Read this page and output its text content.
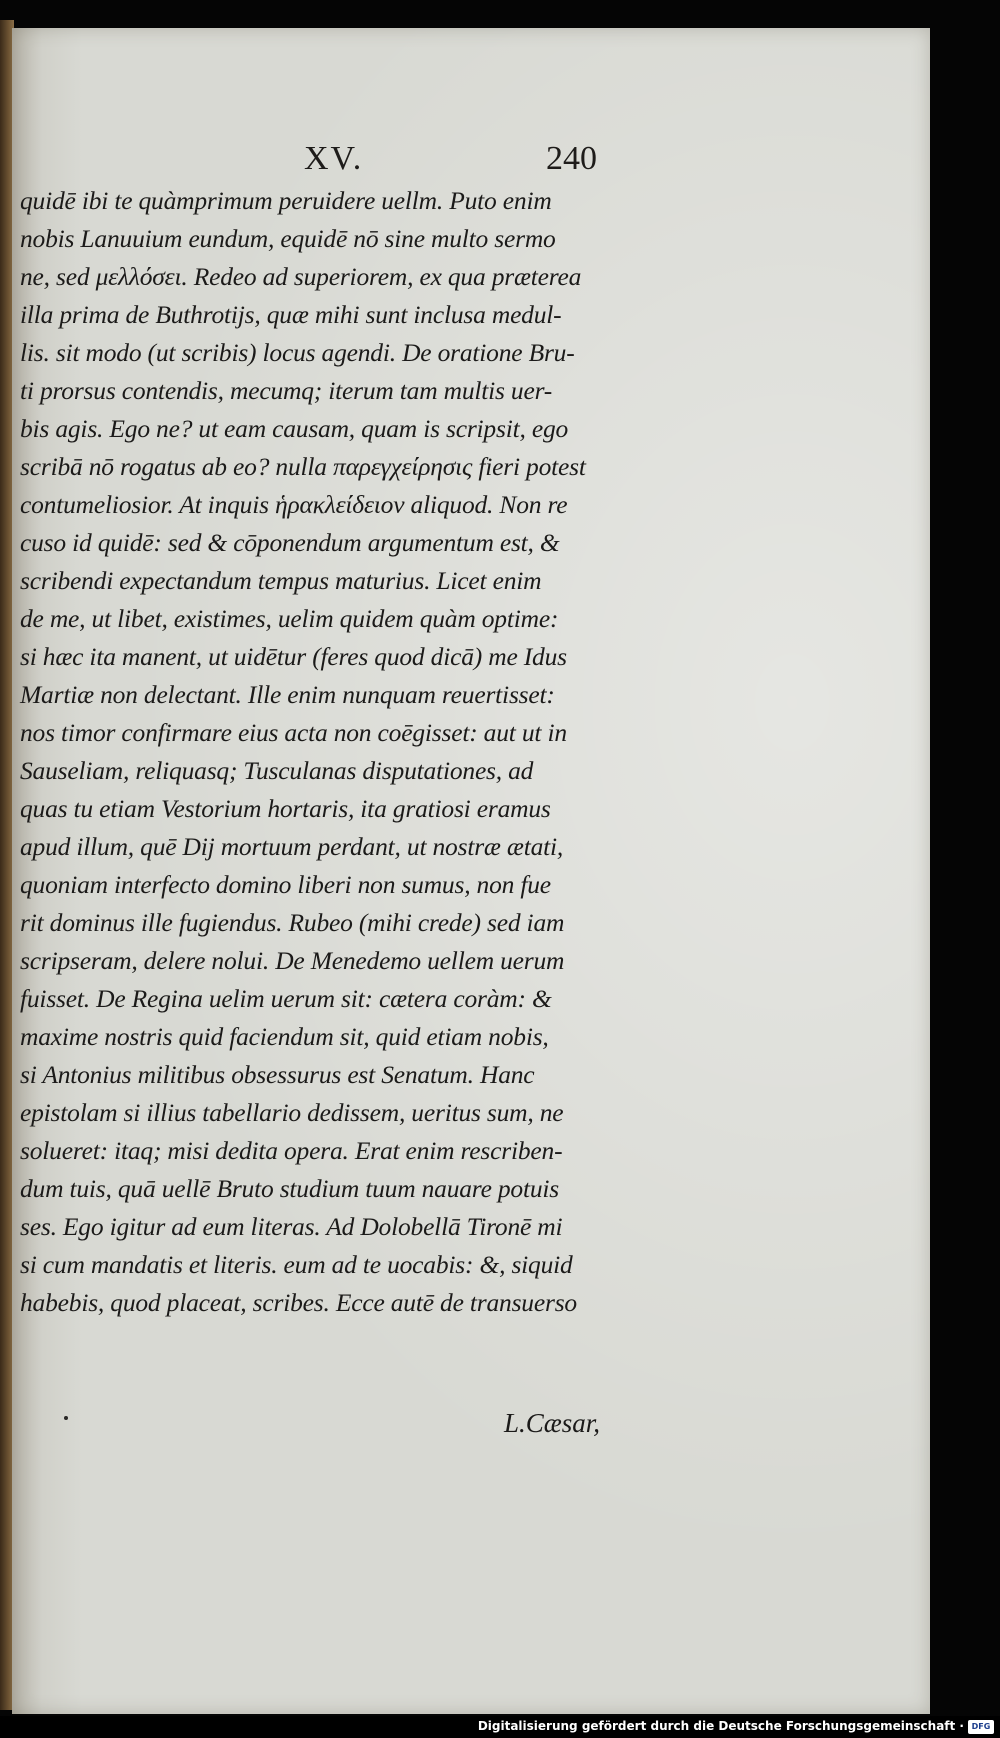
XV.	240
quidē ibi te quàmprimum peruidere uellm. Puto enim
nobis Lanuuium eundum, equidē nō sine multo sermo
ne, sed μελλόσει. Redeo ad superiorem, ex qua præterea
illa prima de Buthrotijs, quæ mihi sunt inclusa medul-
lis. sit modo (ut scribis) locus agendi. De oratione Bru-
ti prorsus contendis, mecumq; iterum tam multis uer-
bis agis. Ego ne? ut eam causam, quam is scripsit, ego
scribā nō rogatus ab eo? nulla παρεγχείρησις fieri potest
contumeliosior. At inquis ἡρακλείδειον aliquod. Non re
cuso id quidē: sed & cōponendum argumentum est, &
scribendi expectandum tempus maturius. Licet enim
de me, ut libet, existimes, uelim quidem quàm optime:
si hæc ita manent, ut uidētur (feres quod dicā) me Idus
Martiæ non delectant. Ille enim nunquam reuertisset:
nos timor confirmare eius acta non coēgisset: aut ut in
Sauseliam, reliquasq; Tusculanas disputationes, ad
quas tu etiam Vestorium hortaris, ita gratiosi eramus
apud illum, quē Dij mortuum perdant, ut nostræ ætati,
quoniam interfecto domino liberi non sumus, non fue
rit dominus ille fugiendus. Rubeo (mihi crede) sed iam
scripseram, delere nolui. De Menedemo uellem uerum
fuisset. De Regina uelim uerum sit: cætera coràm: &
maxime nostris quid faciendum sit, quid etiam nobis,
si Antonius militibus obsessurus est Senatum. Hanc
epistolam si illius tabellario dedissem, ueritus sum, ne
solueret: itaq; misi dedita opera. Erat enim rescriben-
dum tuis, quā uellē Bruto studium tuum nauare potuis
ses. Ego igitur ad eum literas. Ad Dolobellā Tironē mi
si cum mandatis et literis. eum ad te uocabis: &, siquid
habebis, quod placeat, scribes. Ecce autē de transuerso
L.Cæsar,
Digitalisierung gefördert durch die Deutsche Forschungsgemeinschaft · DFG
